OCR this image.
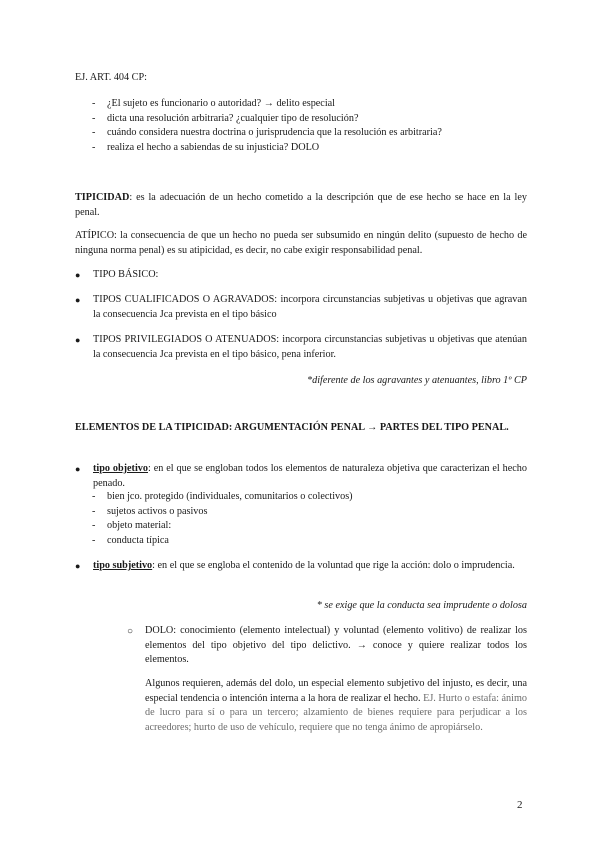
EJ. ART. 404 CP:

- ¿El sujeto es funcionario o autoridad? → delito especial
- dicta una resolución arbitraria? ¿cualquier tipo de resolución?
- cuándo considera nuestra doctrina o jurisprudencia que la resolución es arbitraria?
- realiza el hecho a sabiendas de su injusticia? DOLO

TIPICIDAD: es la adecuación de un hecho cometido a la descripción que de ese hecho se hace en la ley penal.

ATÍPICO: la consecuencia de que un hecho no pueda ser subsumido en ningún delito (supuesto de hecho de ninguna norma penal) es su atipicidad, es decir, no cabe exigir responsabilidad penal.

● TIPO BÁSICO:

● TIPOS CUALIFICADOS O AGRAVADOS: incorpora circunstancias subjetivas u objetivas que agravan la consecuencia Jca prevista en el tipo básico

● TIPOS PRIVILEGIADOS O ATENUADOS: incorpora circunstancias subjetivas u objetivas que atenúan la consecuencia Jca prevista en el tipo básico, pena inferior.

*diferente de los agravantes y atenuantes, libro 1º CP

ELEMENTOS DE LA TIPICIDAD: ARGUMENTACIÓN PENAL → PARTES DEL TIPO PENAL.

● tipo objetivo: en el que se engloban todos los elementos de naturaleza objetiva que caracterizan el hecho penado.

- bien jco. protegido (individuales, comunitarios o colectivos)
- sujetos activos o pasivos
- objeto material:
- conducta típica
● tipo subjetivo: en el que se engloba el contenido de la voluntad que rige la acción: dolo o imprudencia.

* se exige que la conducta sea imprudente o dolosa

○ DOLO: conocimiento (elemento intelectual) y voluntad (elemento volitivo) de realizar los elementos del tipo objetivo del tipo delictivo. → conoce y quiere realizar todos los elementos.

Algunos requieren, además del dolo, un especial elemento subjetivo del injusto, es decir, una especial tendencia o intención interna a la hora de realizar el hecho. EJ. Hurto o estafa: ánimo de lucro para sí o para un tercero; alzamiento de bienes requiere para perjudicar a los acreedores; hurto de uso de vehículo, requiere que no tenga ánimo de apropiárselo.

2
